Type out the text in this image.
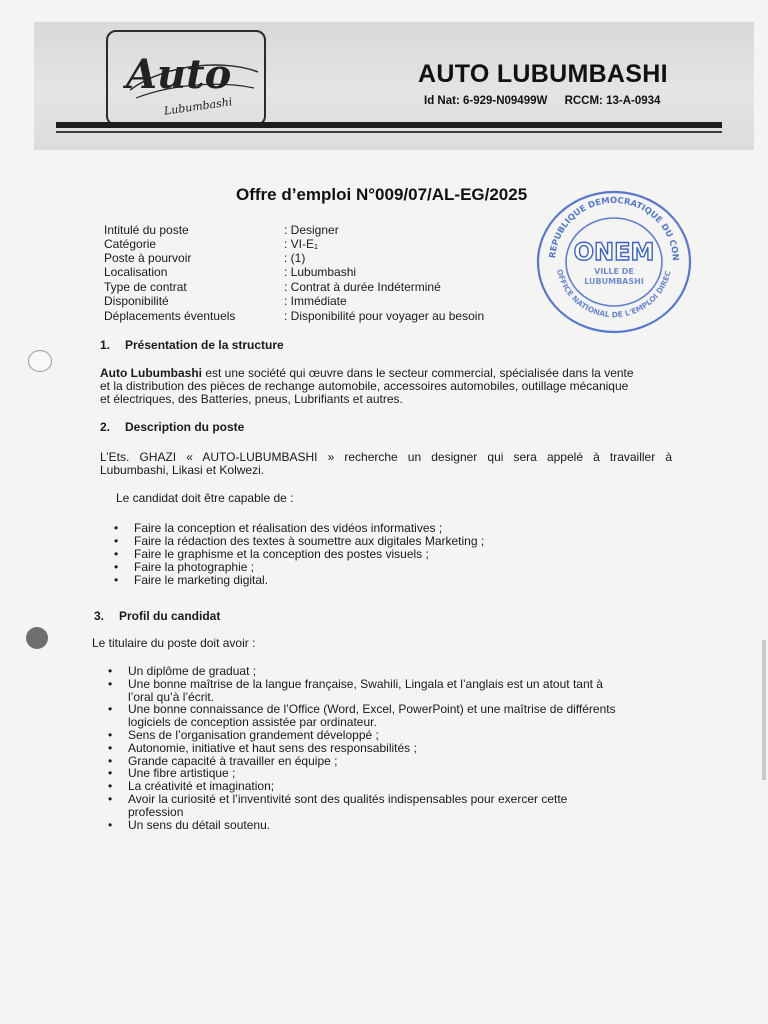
Auto
Lubumbashi
AUTO LUBUMBASHI
Id Nat: 6-929-N09499W RCCM: 13-A-0934
Offre d’emploi N°009/07/AL-EG/2025
REPUBLIQUE DEMOCRATIQUE DU CON
OFFICE NATIONAL DE L'EMPLOI DIREC
ONEM
VILLE DE
LUBUMBASHI
Intitulé du poste	: Designer
Catégorie	: VI-E₁
Poste à pourvoir	: (1)
Localisation	: Lubumbashi
Type de contrat	: Contrat à durée Indéterminé
Disponibilité	: Immédiate
Déplacements éventuels	: Disponibilité pour voyager au besoin
1. Présentation de la structure
Auto Lubumbashi est une société qui œuvre dans le secteur commercial, spécialisée dans la vente
et la distribution des pièces de rechange automobile, accessoires automobiles, outillage mécanique
et électriques, des Batteries, pneus, Lubrifiants et autres.
2. Description du poste
L’Ets. GHAZI « AUTO-LUBUMBASHI » recherche un designer qui sera appelé à travailler à
Lubumbashi, Likasi et Kolwezi.
Le candidat doit être capable de :
• Faire la conception et réalisation des vidéos informatives ;
• Faire la rédaction des textes à soumettre aux digitales Marketing ;
• Faire le graphisme et la conception des postes visuels ;
• Faire la photographie ;
• Faire le marketing digital.
3. Profil du candidat
Le titulaire du poste doit avoir :
• Un diplôme de graduat ;
• Une bonne maîtrise de la langue française, Swahili, Lingala et l’anglais est un atout tant à
l’oral qu’à l’écrit.
• Une bonne connaissance de l’Office (Word, Excel, PowerPoint) et une maîtrise de différents
logiciels de conception assistée par ordinateur.
• Sens de l’organisation grandement développé ;
• Autonomie, initiative et haut sens des responsabilités ;
• Grande capacité à travailler en équipe ;
• Une fibre artistique ;
• La créativité et imagination;
• Avoir la curiosité et l’inventivité sont des qualités indispensables pour exercer cette
profession
• Un sens du détail soutenu.
